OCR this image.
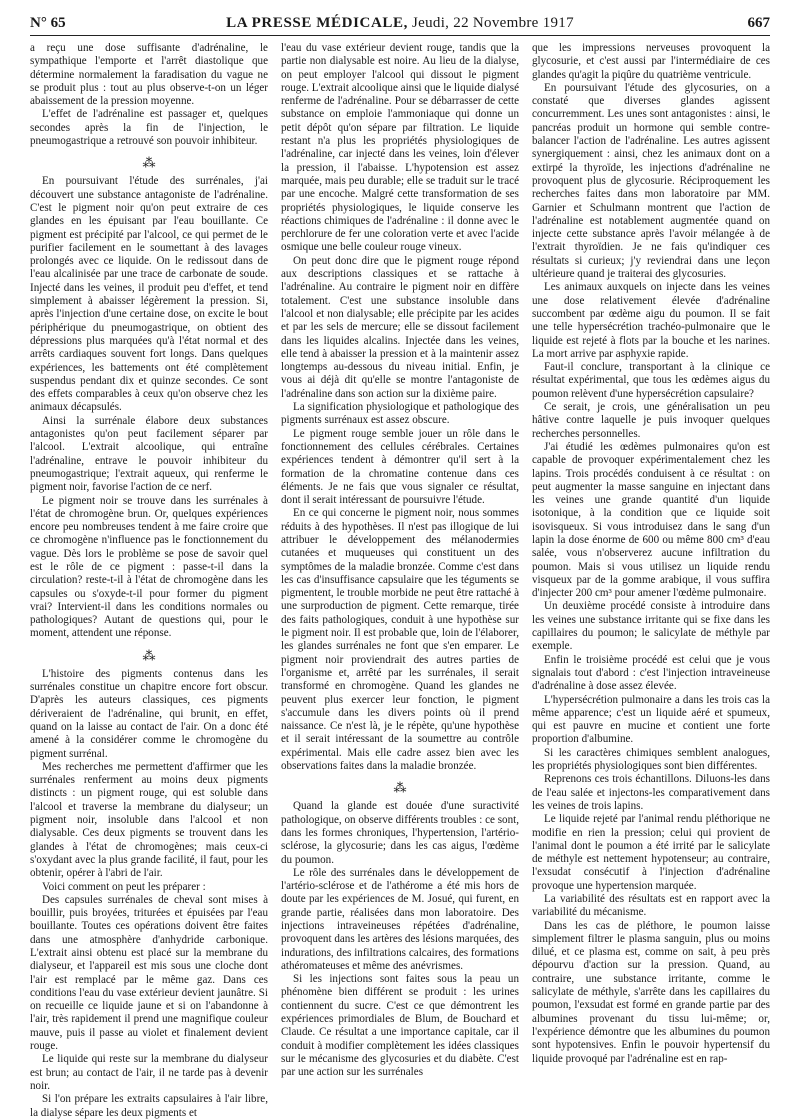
N° 65	LA PRESSE MÉDICALE, Jeudi, 22 Novembre 1917	667

a reçu une dose suffisante d'adrénaline, le sympathique l'emporte et l'arrêt diastolique que détermine normalement la faradisation du vague ne se produit plus : tout au plus observe-t-on un léger abaissement de la pression moyenne.

L'effet de l'adrénaline est passager et, quelques secondes après la fin de l'injection, le pneumogastrique a retrouvé son pouvoir inhibiteur.

⁂

En poursuivant l'étude des surrénales, j'ai découvert une substance antagoniste de l'adrénaline. C'est le pigment noir qu'on peut extraire de ces glandes en les épuisant par l'eau bouillante. Ce pigment est précipité par l'alcool, ce qui permet de le purifier facilement en le soumettant à des lavages prolongés avec ce liquide. On le redissout dans de l'eau alcalinisée par une trace de carbonate de soude. Injecté dans les veines, il produit peu d'effet, et tend simplement à abaisser légèrement la pression. Si, après l'injection d'une certaine dose, on excite le bout périphérique du pneumogastrique, on obtient des dépressions plus marquées qu'à l'état normal et des arrêts cardiaques souvent fort longs. Dans quelques expériences, les battements ont été complètement suspendus pendant dix et quinze secondes. Ce sont des effets comparables à ceux qu'on observe chez les animaux décapsulés.

Ainsi la surrénale élabore deux substances antagonistes qu'on peut facilement séparer par l'alcool. L'extrait alcoolique, qui entraîne l'adrénaline, entrave le pouvoir inhibiteur du pneumogastrique; l'extrait aqueux, qui renferme le pigment noir, favorise l'action de ce nerf.

Le pigment noir se trouve dans les surrénales à l'état de chromogène brun. Or, quelques expériences encore peu nombreuses tendent à me faire croire que ce chromogène n'influence pas le fonctionnement du vague. Dès lors le problème se pose de savoir quel est le rôle de ce pigment : passe-t-il dans la circulation? reste-t-il à l'état de chromogène dans les capsules ou s'oxyde-t-il pour former du pigment vrai? Intervient-il dans les conditions normales ou pathologiques? Autant de questions qui, pour le moment, attendent une réponse.

⁂

L'histoire des pigments contenus dans les surrénales constitue un chapitre encore fort obscur. D'après les auteurs classiques, ces pigments dériveraient de l'adrénaline, qui brunit, en effet, quand on la laisse au contact de l'air. On a donc été amené à la considérer comme le chromogène du pigment surrénal.

Mes recherches me permettent d'affirmer que les surrénales renferment au moins deux pigments distincts : un pigment rouge, qui est soluble dans l'alcool et traverse la membrane du dialyseur; un pigment noir, insoluble dans l'alcool et non dialysable. Ces deux pigments se trouvent dans les glandes à l'état de chromogènes; mais ceux-ci s'oxydant avec la plus grande facilité, il faut, pour les obtenir, opérer à l'abri de l'air.

Voici comment on peut les préparer :

Des capsules surrénales de cheval sont mises à bouillir, puis broyées, triturées et épuisées par l'eau bouillante. Toutes ces opérations doivent être faites dans une atmosphère d'anhydride carbonique. L'extrait ainsi obtenu est placé sur la membrane du dialyseur, et l'appareil est mis sous une cloche dont l'air est remplacé par le même gaz. Dans ces conditions l'eau du vase extérieur devient jaunâtre. Si on recueille ce liquide jaune et si on l'abandonne à l'air, très rapidement il prend une magnifique couleur mauve, puis il passe au violet et finalement devient rouge.

Le liquide qui reste sur la membrane du dialyseur est brun; au contact de l'air, il ne tarde pas à devenir noir.

Si l'on prépare les extraits capsulaires à l'air libre, la dialyse sépare les deux pigments et

l'eau du vase extérieur devient rouge, tandis que la partie non dialysable est noire. Au lieu de la dialyse, on peut employer l'alcool qui dissout le pigment rouge. L'extrait alcoolique ainsi que le liquide dialysé renferme de l'adrénaline. Pour se débarrasser de cette substance on emploie l'ammoniaque qui donne un petit dépôt qu'on sépare par filtration. Le liquide restant n'a plus les propriétés physiologiques de l'adrénaline, car injecté dans les veines, loin d'élever la pression, il l'abaisse. L'hypotension est assez marquée, mais peu durable; elle se traduit sur le tracé par une encoche. Malgré cette transformation de ses propriétés physiologiques, le liquide conserve les réactions chimiques de l'adrénaline : il donne avec le perchlorure de fer une coloration verte et avec l'acide osmique une belle couleur rouge vineux.

On peut donc dire que le pigment rouge répond aux descriptions classiques et se rattache à l'adrénaline. Au contraire le pigment noir en diffère totalement. C'est une substance insoluble dans l'alcool et non dialysable; elle précipite par les acides et par les sels de mercure; elle se dissout facilement dans les liquides alcalins. Injectée dans les veines, elle tend à abaisser la pression et à la maintenir assez longtemps au-dessous du niveau initial. Enfin, je vous ai déjà dit qu'elle se montre l'antagoniste de l'adrénaline dans son action sur la dixième paire.

La signification physiologique et pathologique des pigments surrénaux est assez obscure.

Le pigment rouge semble jouer un rôle dans le fonctionnement des cellules cérébrales. Certaines expériences tendent à démontrer qu'il sert à la formation de la chromatine contenue dans ces éléments. Je ne fais que vous signaler ce résultat, dont il serait intéressant de poursuivre l'étude.

En ce qui concerne le pigment noir, nous sommes réduits à des hypothèses. Il n'est pas illogique de lui attribuer le développement des mélanodermies cutanées et muqueuses qui constituent un des symptômes de la maladie bronzée. Comme c'est dans les cas d'insuffisance capsulaire que les téguments se pigmentent, le trouble morbide ne peut être rattaché à une surproduction de pigment. Cette remarque, tirée des faits pathologiques, conduit à une hypothèse sur le pigment noir. Il est probable que, loin de l'élaborer, les glandes surrénales ne font que s'en emparer. Le pigment noir proviendrait des autres parties de l'organisme et, arrêté par les surrénales, il serait transformé en chromogène. Quand les glandes ne peuvent plus exercer leur fonction, le pigment s'accumule dans les divers points où il prend naissance. Ce n'est là, je le répète, qu'une hypothèse et il serait intéressant de la soumettre au contrôle expérimental. Mais elle cadre assez bien avec les observations faites dans la maladie bronzée.

⁂

Quand la glande est douée d'une suractivité pathologique, on observe différents troubles : ce sont, dans les formes chroniques, l'hypertension, l'artério-sclérose, la glycosurie; dans les cas aigus, l'œdème du poumon.

Le rôle des surrénales dans le développement de l'artério-sclérose et de l'athérome a été mis hors de doute par les expériences de M. Josué, qui furent, en grande partie, réalisées dans mon laboratoire. Des injections intraveineuses répétées d'adrénaline, provoquent dans les artères des lésions marquées, des indurations, des infiltrations calcaires, des formations athéromateuses et même des anévrismes.

Si les injections sont faites sous la peau un phénomène bien différent se produit : les urines contiennent du sucre. C'est ce que démontrent les expériences primordiales de Blum, de Bouchard et Claude. Ce résultat a une importance capitale, car il conduit à modifier complètement les idées classiques sur le mécanisme des glycosuries et du diabète. C'est par une action sur les surrénales

que les impressions nerveuses provoquent la glycosurie, et c'est aussi par l'intermédiaire de ces glandes qu'agit la piqûre du quatrième ventricule.

En poursuivant l'étude des glycosuries, on a constaté que diverses glandes agissent concurremment. Les unes sont antagonistes : ainsi, le pancréas produit un hormone qui semble contre-balancer l'action de l'adrénaline. Les autres agissent synergiquement : ainsi, chez les animaux dont on a extirpé la thyroïde, les injections d'adrénaline ne provoquent plus de glycosurie. Réciproquement les recherches faites dans mon laboratoire par MM. Garnier et Schulmann montrent que l'action de l'adrénaline est notablement augmentée quand on injecte cette substance après l'avoir mélangée à de l'extrait thyroïdien. Je ne fais qu'indiquer ces résultats si curieux; j'y reviendrai dans une leçon ultérieure quand je traiterai des glycosuries.

Les animaux auxquels on injecte dans les veines une dose relativement élevée d'adrénaline succombent par œdème aigu du poumon. Il se fait une telle hypersécrétion trachéo-pulmonaire que le liquide est rejeté à flots par la bouche et les narines. La mort arrive par asphyxie rapide.

Faut-il conclure, transportant à la clinique ce résultat expérimental, que tous les œdèmes aigus du poumon relèvent d'une hypersécrétion capsulaire?

Ce serait, je crois, une généralisation un peu hâtive contre laquelle je puis invoquer quelques recherches personnelles.

J'ai étudié les œdèmes pulmonaires qu'on est capable de provoquer expérimentalement chez les lapins. Trois procédés conduisent à ce résultat : on peut augmenter la masse sanguine en injectant dans les veines une grande quantité d'un liquide isotonique, à la condition que ce liquide soit isovisqueux. Si vous introduisez dans le sang d'un lapin la dose énorme de 600 ou même 800 cm³ d'eau salée, vous n'observerez aucune infiltration du poumon. Mais si vous utilisez un liquide rendu visqueux par de la gomme arabique, il vous suffira d'injecter 200 cm³ pour amener l'œdème pulmonaire.

Un deuxième procédé consiste à introduire dans les veines une substance irritante qui se fixe dans les capillaires du poumon; le salicylate de méthyle par exemple.

Enfin le troisième procédé est celui que je vous signalais tout d'abord : c'est l'injection intraveineuse d'adrénaline à dose assez élevée.

L'hypersécrétion pulmonaire a dans les trois cas la même apparence; c'est un liquide aéré et spumeux, qui est pauvre en mucine et contient une forte proportion d'albumine.

Si les caractères chimiques semblent analogues, les propriétés physiologiques sont bien différentes.

Reprenons ces trois échantillons. Diluons-les dans de l'eau salée et injectons-les comparativement dans les veines de trois lapins.

Le liquide rejeté par l'animal rendu pléthorique ne modifie en rien la pression; celui qui provient de l'animal dont le poumon a été irrité par le salicylate de méthyle est nettement hypotenseur; au contraire, l'exsudat consécutif à l'injection d'adrénaline provoque une hypertension marquée.

La variabilité des résultats est en rapport avec la variabilité du mécanisme.

Dans les cas de pléthore, le poumon laisse simplement filtrer le plasma sanguin, plus ou moins dilué, et ce plasma est, comme on sait, à peu près dépourvu d'action sur la pression. Quand, au contraire, une substance irritante, comme le salicylate de méthyle, s'arrête dans les capillaires du poumon, l'exsudat est formé en grande partie par des albumines provenant du tissu lui-même; or, l'expérience démontre que les albumines du poumon sont hypotensives. Enfin le pouvoir hypertensif du liquide provoqué par l'adrénaline est en rap-
